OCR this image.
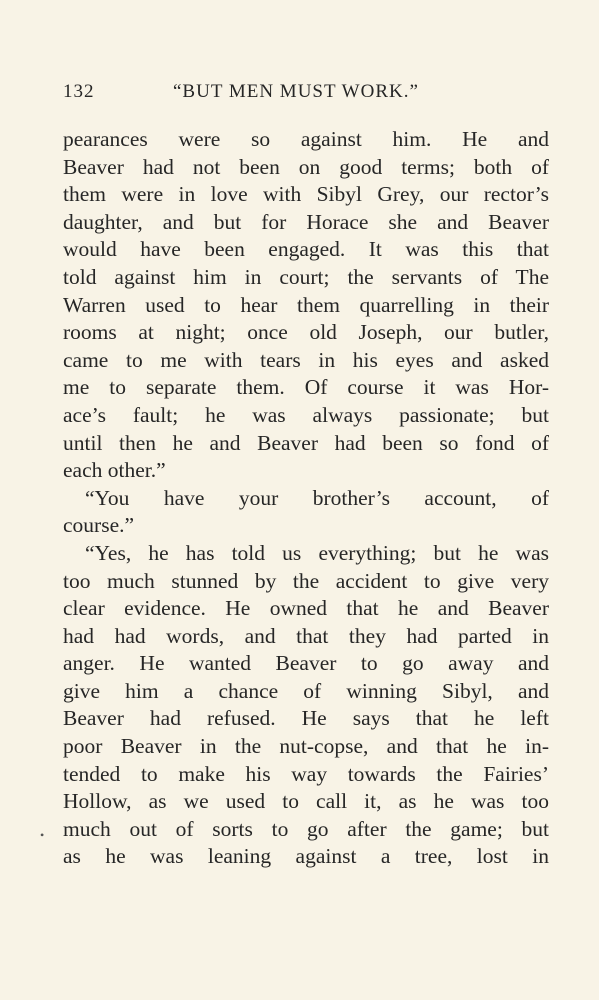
132	“BUT MEN MUST WORK.”
pearances were so against him. He and
Beaver had not been on good terms; both of
them were in love with Sibyl Grey, our rector’s
daughter, and but for Horace she and Beaver
would have been engaged. It was this that
told against him in court; the servants of The
Warren used to hear them quarrelling in their
rooms at night; once old Joseph, our butler,
came to me with tears in his eyes and asked
me to separate them. Of course it was Hor-
ace’s fault; he was always passionate; but
until then he and Beaver had been so fond of
each other.”
“You have your brother’s account, of
course.”
“Yes, he has told us everything; but he was
too much stunned by the accident to give very
clear evidence. He owned that he and Beaver
had had words, and that they had parted in
anger. He wanted Beaver to go away and
give him a chance of winning Sibyl, and
Beaver had refused. He says that he left
poor Beaver in the nut-copse, and that he in-
tended to make his way towards the Fairies’
Hollow, as we used to call it, as he was too
much out of sorts to go after the game; but
as he was leaning against a tree, lost in
•
